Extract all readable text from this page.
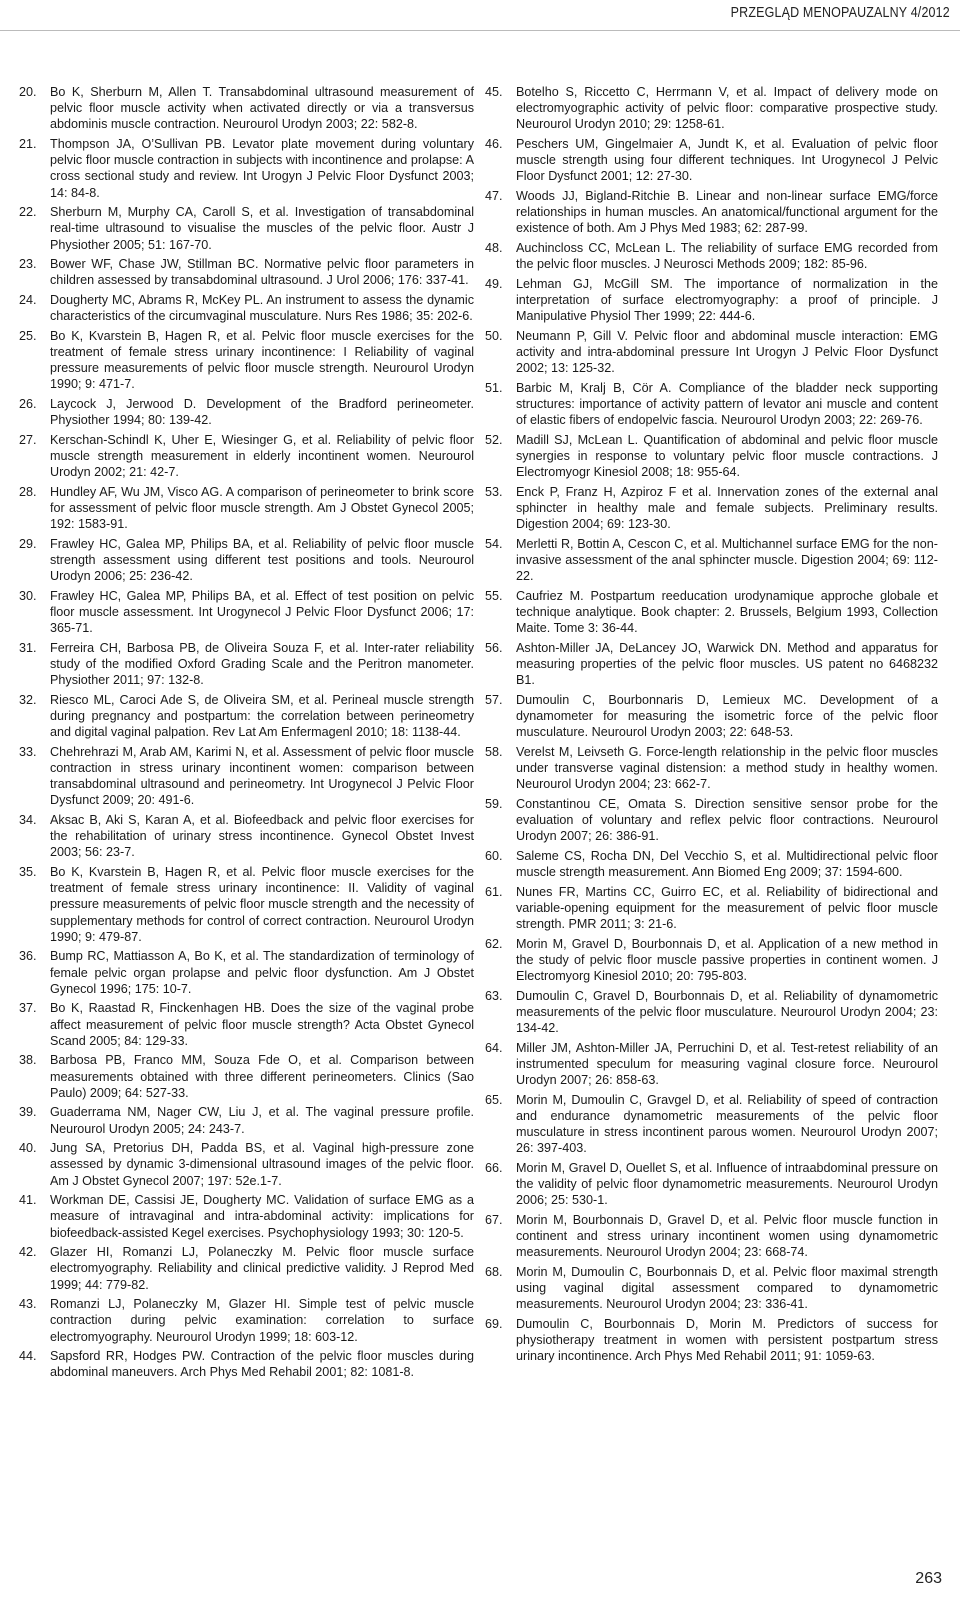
PRZEGLĄD MENOPAUZALNY 4/2012
20. Bo K, Sherburn M, Allen T. Transabdominal ultrasound measurement of pelvic floor muscle activity when activated directly or via a transversus abdominis muscle contraction. Neurourol Urodyn 2003; 22: 582-8.
21. Thompson JA, O’Sullivan PB. Levator plate movement during voluntary pelvic floor muscle contraction in subjects with incontinence and prolapse: A cross sectional study and review. Int Urogyn J Pelvic Floor Dysfunct 2003; 14: 84-8.
22. Sherburn M, Murphy CA, Caroll S, et al. Investigation of transabdominal real-time ultrasound to visualise the muscles of the pelvic floor. Austr J Physiother 2005; 51: 167-70.
23. Bower WF, Chase JW, Stillman BC. Normative pelvic floor parameters in children assessed by transabdominal ultrasound. J Urol 2006; 176: 337-41.
24. Dougherty MC, Abrams R, McKey PL. An instrument to assess the dynamic characteristics of the circumvaginal musculature. Nurs Res 1986; 35: 202-6.
25. Bo K, Kvarstein B, Hagen R, et al. Pelvic floor muscle exercises for the treatment of female stress urinary incontinence: I Reliability of vaginal pressure measurements of pelvic floor muscle strength. Neurourol Urodyn 1990; 9: 471-7.
26. Laycock J, Jerwood D. Development of the Bradford perineometer. Physiother 1994; 80: 139-42.
27. Kerschan-Schindl K, Uher E, Wiesinger G, et al. Reliability of pelvic floor muscle strength measurement in elderly incontinent women. Neurourol Urodyn 2002; 21: 42-7.
28. Hundley AF, Wu JM, Visco AG. A comparison of perineometer to brink score for assessment of pelvic floor muscle strength. Am J Obstet Gynecol 2005; 192: 1583-91.
29. Frawley HC, Galea MP, Philips BA, et al. Reliability of pelvic floor muscle strength assessment using different test positions and tools. Neurourol Urodyn 2006; 25: 236-42.
30. Frawley HC, Galea MP, Philips BA, et al. Effect of test position on pelvic floor muscle assessment. Int Urogynecol J Pelvic Floor Dysfunct 2006; 17: 365-71.
31. Ferreira CH, Barbosa PB, de Oliveira Souza F, et al. Inter-rater reliability study of the modified Oxford Grading Scale and the Peritron manometer. Physiother 2011; 97: 132-8.
32. Riesco ML, Caroci Ade S, de Oliveira SM, et al. Perineal muscle strength during pregnancy and postpartum: the correlation between perineometry and digital vaginal palpation. Rev Lat Am Enfermagenl 2010; 18: 1138-44.
33. Chehrehrazi M, Arab AM, Karimi N, et al. Assessment of pelvic floor muscle contraction in stress urinary incontinent women: comparison between transabdominal ultrasound and perineometry. Int Urogynecol J Pelvic Floor Dysfunct 2009; 20: 491-6.
34. Aksac B, Aki S, Karan A, et al. Biofeedback and pelvic floor exercises for the rehabilitation of urinary stress incontinence. Gynecol Obstet Invest 2003; 56: 23-7.
35. Bo K, Kvarstein B, Hagen R, et al. Pelvic floor muscle exercises for the treatment of female stress urinary incontinence: II. Validity of vaginal pressure measurements of pelvic floor muscle strength and the necessity of supplementary methods for control of correct contraction. Neurourol Urodyn 1990; 9: 479-87.
36. Bump RC, Mattiasson A, Bo K, et al. The standardization of terminology of female pelvic organ prolapse and pelvic floor dysfunction. Am J Obstet Gynecol 1996; 175: 10-7.
37. Bo K, Raastad R, Finckenhagen HB. Does the size of the vaginal probe affect measurement of pelvic floor muscle strength? Acta Obstet Gynecol Scand 2005; 84: 129-33.
38. Barbosa PB, Franco MM, Souza Fde O, et al. Comparison between measurements obtained with three different perineometers. Clinics (Sao Paulo) 2009; 64: 527-33.
39. Guaderrama NM, Nager CW, Liu J, et al. The vaginal pressure profile. Neurourol Urodyn 2005; 24: 243-7.
40. Jung SA, Pretorius DH, Padda BS, et al. Vaginal high-pressure zone assessed by dynamic 3-dimensional ultrasound images of the pelvic floor. Am J Obstet Gynecol 2007; 197: 52e.1-7.
41. Workman DE, Cassisi JE, Dougherty MC. Validation of surface EMG as a measure of intravaginal and intra-abdominal activity: implications for biofeedback-assisted Kegel exercises. Psychophysiology 1993; 30: 120-5.
42. Glazer HI, Romanzi LJ, Polaneczky M. Pelvic floor muscle surface electromyography. Reliability and clinical predictive validity. J Reprod Med 1999; 44: 779-82.
43. Romanzi LJ, Polaneczky M, Glazer HI. Simple test of pelvic muscle contraction during pelvic examination: correlation to surface electromyography. Neurourol Urodyn 1999; 18: 603-12.
44. Sapsford RR, Hodges PW. Contraction of the pelvic floor muscles during abdominal maneuvers. Arch Phys Med Rehabil 2001; 82: 1081-8.
45. Botelho S, Riccetto C, Herrmann V, et al. Impact of delivery mode on electromyographic activity of pelvic floor: comparative prospective study. Neurourol Urodyn 2010; 29: 1258-61.
46. Peschers UM, Gingelmaier A, Jundt K, et al. Evaluation of pelvic floor muscle strength using four different techniques. Int Urogynecol J Pelvic Floor Dysfunct 2001; 12: 27-30.
47. Woods JJ, Bigland-Ritchie B. Linear and non-linear surface EMG/force relationships in human muscles. An anatomical/functional argument for the existence of both. Am J Phys Med 1983; 62: 287-99.
48. Auchincloss CC, McLean L. The reliability of surface EMG recorded from the pelvic floor muscles. J Neurosci Methods 2009; 182: 85-96.
49. Lehman GJ, McGill SM. The importance of normalization in the interpretation of surface electromyography: a proof of principle. J Manipulative Physiol Ther 1999; 22: 444-6.
50. Neumann P, Gill V. Pelvic floor and abdominal muscle interaction: EMG activity and intra-abdominal pressure Int Urogyn J Pelvic Floor Dysfunct 2002; 13: 125-32.
51. Barbic M, Kralj B, Cör A. Compliance of the bladder neck supporting structures: importance of activity pattern of levator ani muscle and content of elastic fibers of endopelvic fascia. Neurourol Urodyn 2003; 22: 269-76.
52. Madill SJ, McLean L. Quantification of abdominal and pelvic floor muscle synergies in response to voluntary pelvic floor muscle contractions. J Electromyogr Kinesiol 2008; 18: 955-64.
53. Enck P, Franz H, Azpiroz F et al. Innervation zones of the external anal sphincter in healthy male and female subjects. Preliminary results. Digestion 2004; 69: 123-30.
54. Merletti R, Bottin A, Cescon C, et al. Multichannel surface EMG for the non-invasive assessment of the anal sphincter muscle. Digestion 2004; 69: 112-22.
55. Caufriez M. Postpartum reeducation urodynamique approche globale et technique analytique. Book chapter: 2. Brussels, Belgium 1993, Collection Maite. Tome 3: 36-44.
56. Ashton-Miller JA, DeLancey JO, Warwick DN. Method and apparatus for measuring properties of the pelvic floor muscles. US patent no 6468232 B1.
57. Dumoulin C, Bourbonnaris D, Lemieux MC. Development of a dynamometer for measuring the isometric force of the pelvic floor musculature. Neurourol Urodyn 2003; 22: 648-53.
58. Verelst M, Leivseth G. Force-length relationship in the pelvic floor muscles under transverse vaginal distension: a method study in healthy women. Neurourol Urodyn 2004; 23: 662-7.
59. Constantinou CE, Omata S. Direction sensitive sensor probe for the evaluation of voluntary and reflex pelvic floor contractions. Neurourol Urodyn 2007; 26: 386-91.
60. Saleme CS, Rocha DN, Del Vecchio S, et al. Multidirectional pelvic floor muscle strength measurement. Ann Biomed Eng 2009; 37: 1594-600.
61. Nunes FR, Martins CC, Guirro EC, et al. Reliability of bidirectional and variable-opening equipment for the measurement of pelvic floor muscle strength. PMR 2011; 3: 21-6.
62. Morin M, Gravel D, Bourbonnais D, et al. Application of a new method in the study of pelvic floor muscle passive properties in continent women. J Electromyorg Kinesiol 2010; 20: 795-803.
63. Dumoulin C, Gravel D, Bourbonnais D, et al. Reliability of dynamometric measurements of the pelvic floor musculature. Neurourol Urodyn 2004; 23: 134-42.
64. Miller JM, Ashton-Miller JA, Perruchini D, et al. Test-retest reliability of an instrumented speculum for measuring vaginal closure force. Neurourol Urodyn 2007; 26: 858-63.
65. Morin M, Dumoulin C, Gravgel D, et al. Reliability of speed of contraction and endurance dynamometric measurements of the pelvic floor musculature in stress incontinent parous women. Neurourol Urodyn 2007; 26: 397-403.
66. Morin M, Gravel D, Ouellet S, et al. Influence of intraabdominal pressure on the validity of pelvic floor dynamometric measurements. Neurourol Urodyn 2006; 25: 530-1.
67. Morin M, Bourbonnais D, Gravel D, et al. Pelvic floor muscle function in continent and stress urinary incontinent women using dynamometric measurements. Neurourol Urodyn 2004; 23: 668-74.
68. Morin M, Dumoulin C, Bourbonnais D, et al. Pelvic floor maximal strength using vaginal digital assessment compared to dynamometric measurements. Neurourol Urodyn 2004; 23: 336-41.
69. Dumoulin C, Bourbonnais D, Morin M. Predictors of success for physiotherapy treatment in women with persistent postpartum stress urinary incontinence. Arch Phys Med Rehabil 2011; 91: 1059-63.
263
